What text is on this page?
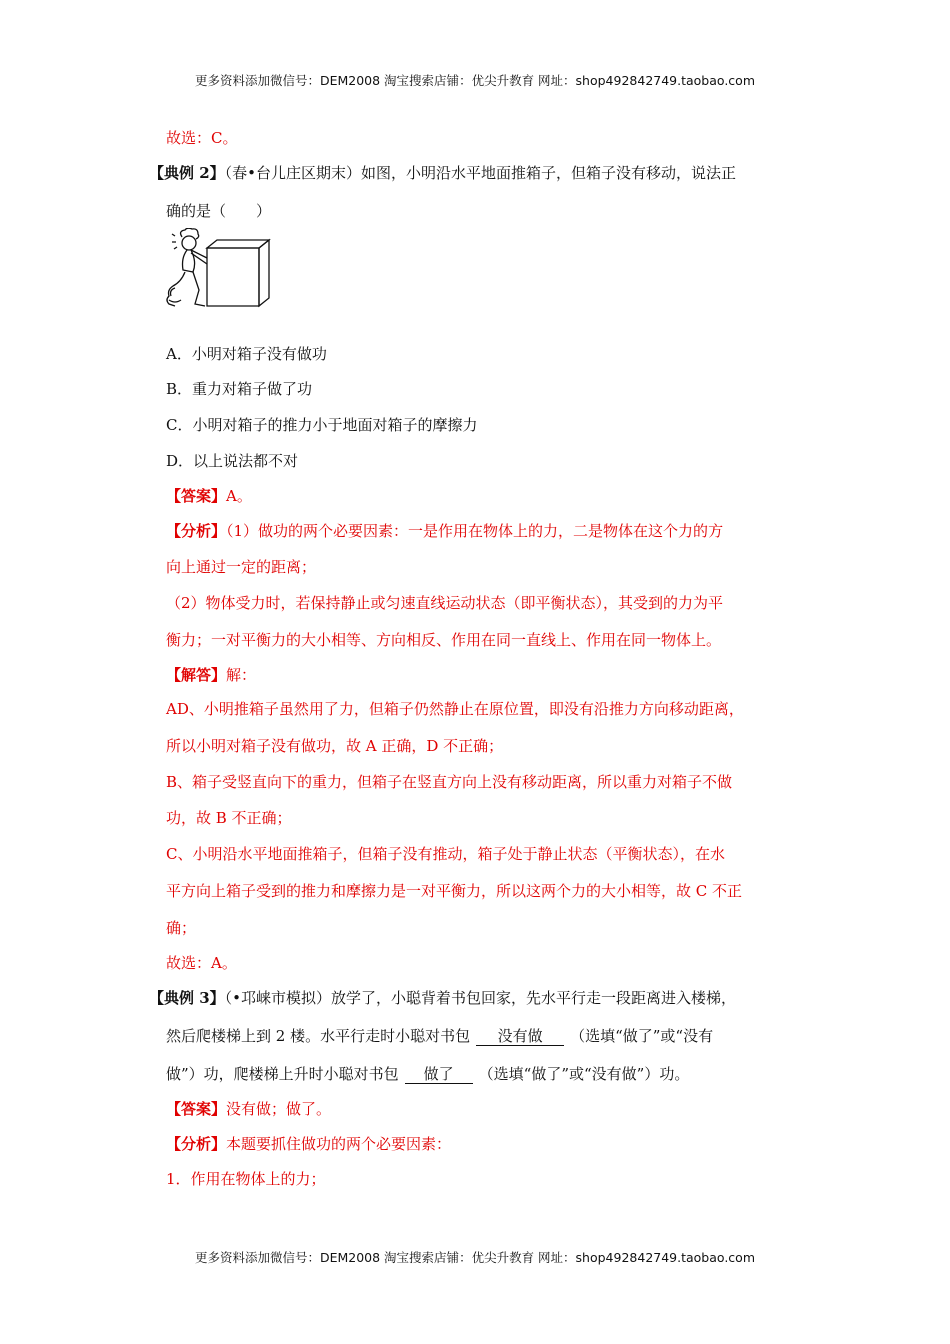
更多资料添加微信号：DEM2008 淘宝搜索店铺：优尖升教育 网址：shop492842749.taobao.com
故选：C。
【典例 2】（春•台儿庄区期末）如图，小明沿水平地面推箱子，但箱子没有移动，说法正
确的是（　　）
A．小明对箱子没有做功
B．重力对箱子做了功
C．小明对箱子的推力小于地面对箱子的摩擦力
D．以上说法都不对
【答案】A。
【分析】（1）做功的两个必要因素：一是作用在物体上的力，二是物体在这个力的方
向上通过一定的距离；
（2）物体受力时，若保持静止或匀速直线运动状态（即平衡状态），其受到的力为平
衡力；一对平衡力的大小相等、方向相反、作用在同一直线上、作用在同一物体上。
【解答】解：
AD、小明推箱子虽然用了力，但箱子仍然静止在原位置，即没有沿推力方向移动距离，
所以小明对箱子没有做功，故 A 正确，D 不正确；
B、箱子受竖直向下的重力，但箱子在竖直方向上没有移动距离，所以重力对箱子不做
功，故 B 不正确；
C、小明沿水平地面推箱子，但箱子没有推动，箱子处于静止状态（平衡状态），在水
平方向上箱子受到的推力和摩擦力是一对平衡力，所以这两个力的大小相等，故 C 不正
确；
故选：A。
【典例 3】（•邛崃市模拟）放学了，小聪背着书包回家，先水平行走一段距离进入楼梯，
然后爬楼梯上到 2 楼。水平行走时小聪对书包 没有做 （选填“做了”或“没有
做”）功，爬楼梯上升时小聪对书包 做了 （选填“做了”或“没有做”）功。
【答案】没有做；做了。
【分析】本题要抓住做功的两个必要因素：
1．作用在物体上的力；
更多资料添加微信号：DEM2008 淘宝搜索店铺：优尖升教育 网址：shop492842749.taobao.com
